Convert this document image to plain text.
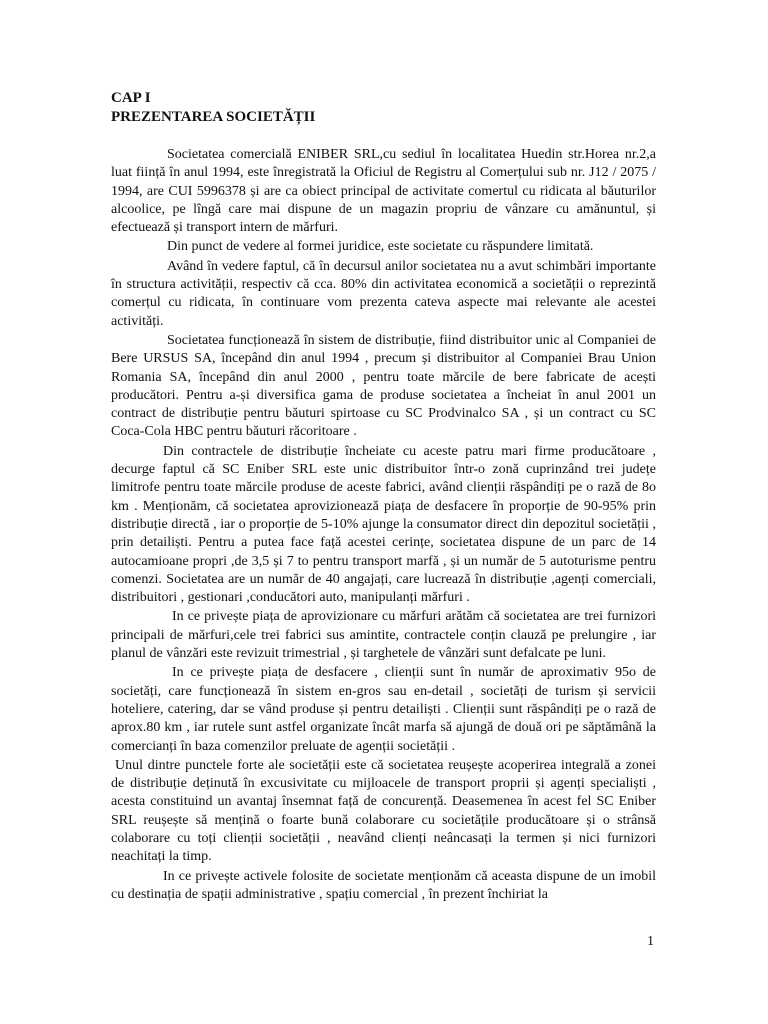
CAP I

PREZENTAREA SOCIETĂȚII

Societatea comercială ENIBER SRL,cu sediul în localitatea Huedin str.Horea nr.2,a luat ființă în anul 1994, este înregistrată la Oficiul de Registru al Comerțului sub nr. J12 / 2075 / 1994, are CUI 5996378 și are ca obiect principal de activitate comertul cu ridicata al băuturilor alcoolice, pe lîngă care mai dispune de un magazin propriu de vânzare cu amănuntul, și efectuează și transport intern de mărfuri.

Din punct de vedere al formei juridice, este societate cu răspundere limitată.

Având în vedere faptul, că în decursul anilor societatea nu a avut schimbări importante în structura activității, respectiv că cca. 80% din activitatea economică a societății o reprezintă comerțul cu ridicata, în continuare vom prezenta cateva aspecte mai relevante ale acestei activități.

Societatea funcționează în sistem de distribuție, fiind distribuitor unic al Companiei de Bere URSUS SA, începând din anul 1994 , precum și distribuitor al Companiei Brau Union Romania SA, începând din anul 2000 , pentru toate mărcile de bere fabricate de acești producători. Pentru a-și diversifica gama de produse societatea a încheiat în anul 2001 un contract de distribuție pentru băuturi spirtoase cu SC Prodvinalco SA , și un contract cu SC Coca-Cola HBC pentru băuturi răcoritoare .

Din contractele de distribuție încheiate cu aceste patru mari firme producătoare , decurge faptul că SC Eniber SRL este unic distribuitor într-o zonă cuprinzând trei județe limitrofe pentru toate mărcile produse de aceste fabrici, având clienții răspândiți pe o rază de 8o km . Menționăm, că societatea aprovizionează piața de desfacere în proporție de 90-95% prin distribuție directă , iar o proporție de 5-10% ajunge la consumator direct din depozitul societății , prin detailiști. Pentru a putea face față acestei cerințe, societatea dispune de un parc de 14 autocamioane propri ,de 3,5 și 7 to pentru transport marfă , și un număr de 5 autoturisme pentru comenzi. Societatea are un număr de 40 angajați, care lucrează în distribuție ,agenți comerciali, distribuitori , gestionari ,conducători auto, manipulanți mărfuri .

In ce privește piața de aprovizionare cu mărfuri arătăm că societatea are trei furnizori principali de mărfuri,cele trei fabrici sus amintite, contractele conțin clauză pe prelungire , iar planul de vânzări este revizuit trimestrial , și targhetele de vânzări sunt defalcate pe luni.

In ce privește piața de desfacere , clienții sunt în număr de aproximativ 95o de societăți, care funcționează în sistem en-gros sau en-detail , societăți de turism și servicii hoteliere, catering, dar se vând produse și pentru detailiști . Clienții sunt răspândiți pe o rază de aprox.80 km , iar rutele sunt astfel organizate încât marfa să ajungă de două ori pe săptămână la comercianți în baza comenzilor preluate de agenții societății .

Unul dintre punctele forte ale societății este că societatea reușește acoperirea integrală a zonei de distribuție deținută în excusivitate cu mijloacele de transport proprii și agenți specialiști , acesta constituind un avantaj însemnat față de concurență. Deasemenea în acest fel SC Eniber SRL reușește să mențină o foarte bună colaborare cu societățile producătoare și o strânsă colaborare cu toți clienții societății , neavând clienți neâncasați la termen și nici furnizori neachitați la timp.

In ce privește activele folosite de societate menționăm că aceasta dispune de un imobil cu destinația de spații administrative , spațiu comercial , în prezent închiriat la

1
